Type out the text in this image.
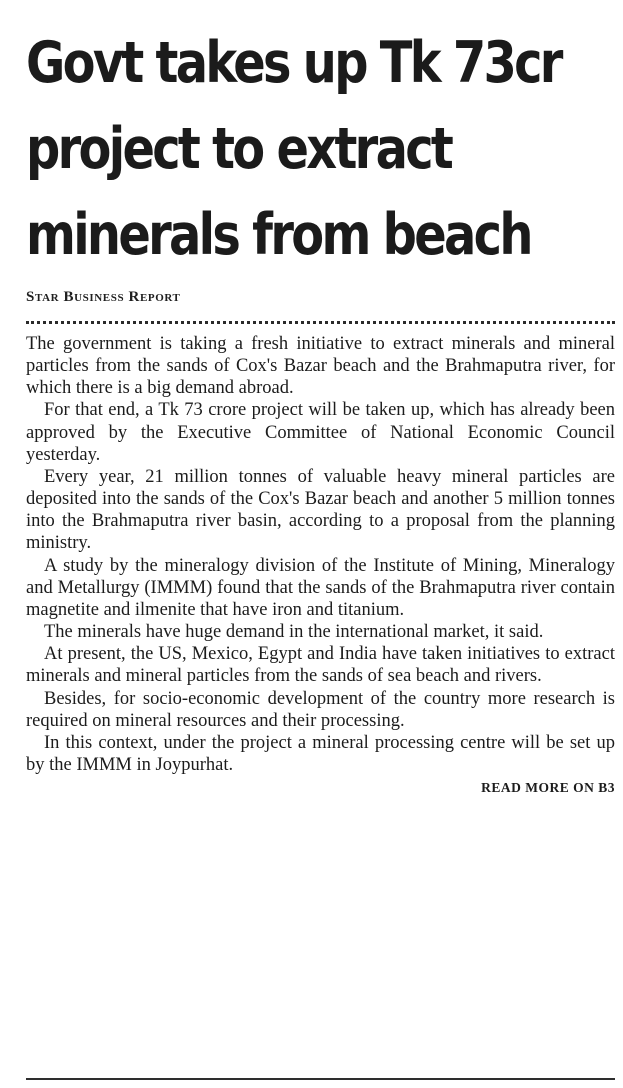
Govt takes up Tk 73cr
project to extract
minerals from beach
Star Business Report

The government is taking a fresh initiative to extract minerals and mineral particles from the sands of Cox's Bazar beach and the Brahmaputra river, for which there is a big demand abroad.

For that end, a Tk 73 crore project will be taken up, which has already been approved by the Executive Committee of National Economic Council yesterday.

Every year, 21 million tonnes of valuable heavy mineral particles are deposited into the sands of the Cox's Bazar beach and another 5 million tonnes into the Brahmaputra river basin, according to a proposal from the planning ministry.

A study by the mineralogy division of the Institute of Mining, Mineralogy and Metallurgy (IMMM) found that the sands of the Brahmaputra river contain magnetite and ilmenite that have iron and titanium.

The minerals have huge demand in the international market, it said.

At present, the US, Mexico, Egypt and India have taken initiatives to extract minerals and mineral particles from the sands of sea beach and rivers.

Besides, for socio-economic development of the country more research is required on mineral resources and their processing.

In this context, under the project a mineral processing centre will be set up by the IMMM in Joypurhat.

READ MORE ON B3
